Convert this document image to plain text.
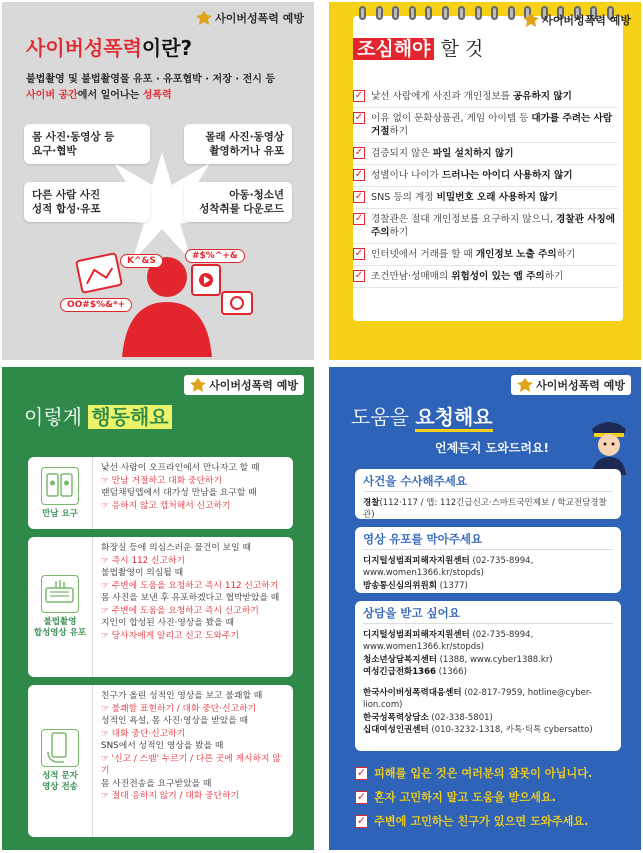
사이버성폭력 예방
사이버성폭력이란?
불법촬영 및 불법촬영물 유포 · 유포협박 · 저장 · 전시 등
사이버 공간에서 일어나는 성폭력
몸 사진·동영상 등
요구·협박
몰래 사진·동영상
촬영하거나 유포
다른 사람 사진
성적 합성·유포
아동·청소년
성착취물 다운로드
K^&S	#$%^+&
OO#$%&*+
사이버성폭력 예방
조심해야 할 것
✓ 낯선 사람에게 사진과 개인정보를 공유하지 않기
✓ 이유 없이 문화상품권, 게임 아이템 등 대가를 주려는 사람 거절하기
✓ 검증되지 않은 파일 설치하지 않기
✓ 성별이나 나이가 드러나는 아이디 사용하지 않기
✓ SNS 등의 계정 비밀번호 오래 사용하지 않기
✓ 경찰관은 절대 개인정보를 요구하지 않으니, 경찰관 사칭에 주의하기
✓ 인터넷에서 거래를 할 때 개인정보 노출 주의하기
✓ 조건만남·성매매의 위험성이 있는 앱 주의하기
사이버성폭력 예방
이렇게 행동해요
만남 요구
낯선 사람이 오프라인에서 만나자고 할 때
☞ 만남 거절하고 대화 중단하기
랜덤채팅앱에서 대가성 만남을 요구할 때
☞ 응하지 않고 캡처해서 신고하기
불법촬영
합성영상 유포
화장실 등에 의심스러운 물건이 보일 때
☞ 즉시 112 신고하기
불법촬영이 의심될 때
☞ 주변에 도움을 요청하고 즉시 112 신고하기
몸 사진을 보낸 후 유포하겠다고 협박받았을 때
☞ 주변에 도움을 요청하고 즉시 신고하기
지인이 합성된 사진·영상을 봤을 때
☞ 당사자에게 알리고 신고 도와주기
성적 문자
영상 전송
친구가 올린 성적인 영상을 보고 불쾌할 때
☞ 불쾌함 표현하기 / 대화 중단·신고하기
성적인 욕설, 몸 사진·영상을 받았을 때
☞ 대화 중단·신고하기
SNS에서 성적인 영상을 봤을 때
☞ '신고 / 스팸' 누르기 / 다른 곳에 게시하지 않기
몸 사진전송을 요구받았을 때
☞ 절대 응하지 않기 / 대화 중단하기
사이버성폭력 예방
도움을 요청해요
언제든지 도와드려요!
사건을 수사해주세요
경찰(112·117 / 앱: 112긴급신고·스마트국민제보 / 학교전담경찰관)
영상 유포를 막아주세요
디지털성범죄피해자지원센터 (02-735-8994, www.women1366.kr/stopds)
방송통신심의위원회 (1377)
상담을 받고 싶어요
디지털성범죄피해자지원센터 (02-735-8994, www.women1366.kr/stopds)
청소년상담복지센터 (1388, www.cyber1388.kr)
여성긴급전화1366 (1366)
한국사이버성폭력대응센터 (02-817-7959, hotline@cyber-lion.com)
한국성폭력상담소 (02-338-5801)
십대여성인권센터 (010-3232-1318, 카톡·틱톡 cybersatto)
✓ 피해를 입은 것은 여러분의 잘못이 아닙니다.
✓ 혼자 고민하지 말고 도움을 받으세요.
✓ 주변에 고민하는 친구가 있으면 도와주세요.
